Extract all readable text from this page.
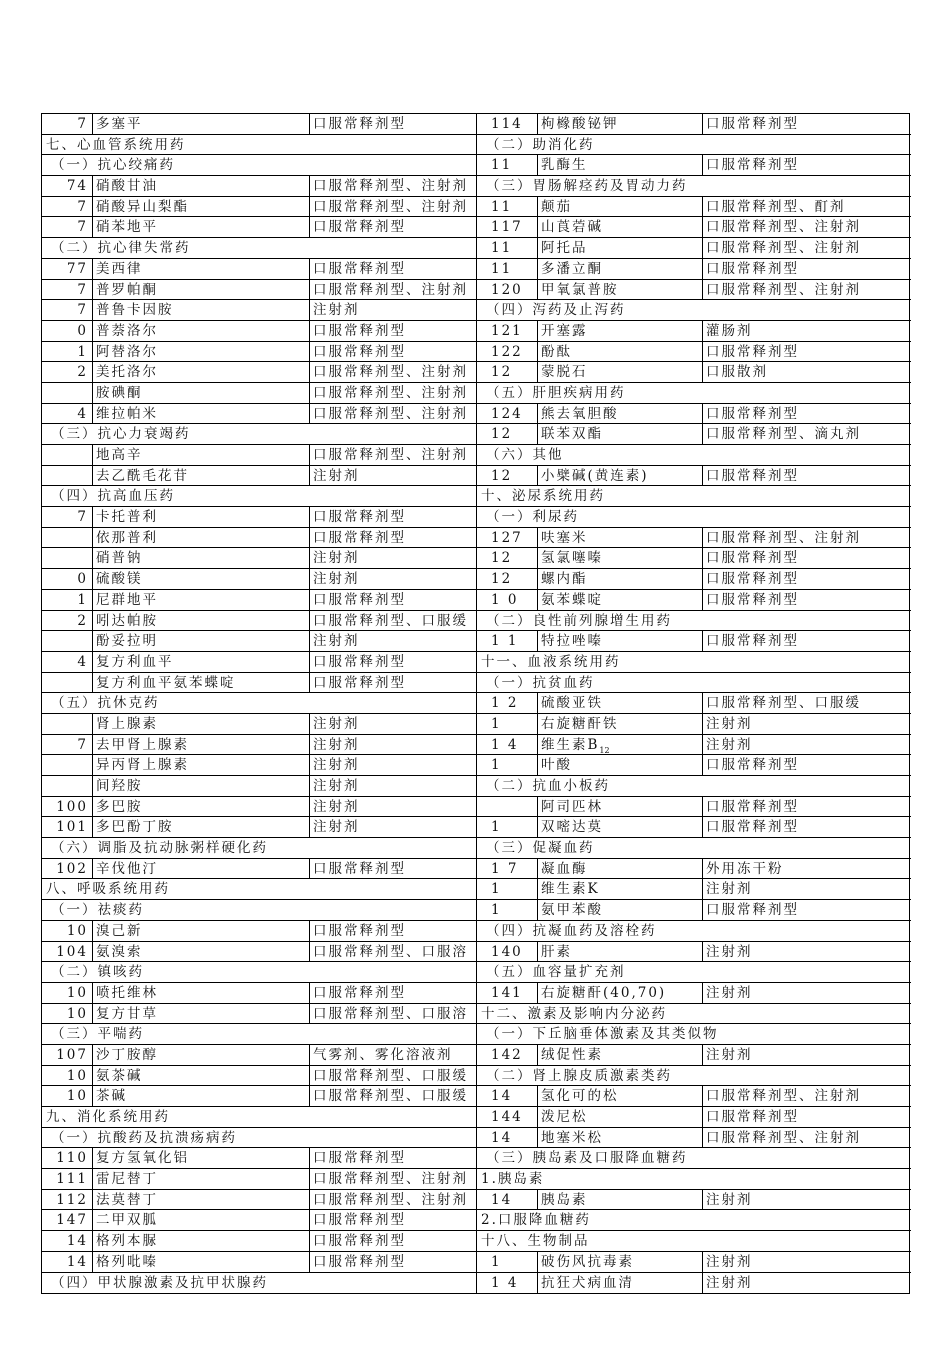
7 多塞平	口服常释剂型
七、心血管系统用药
（一）抗心绞痛药
74 硝酸甘油	口服常释剂型、注射剂
7 硝酸异山梨酯	口服常释剂型、注射剂
7 硝苯地平	口服常释剂型
（二）抗心律失常药
77 美西律	口服常释剂型
7 普罗帕酮	口服常释剂型、注射剂
7 普鲁卡因胺	注射剂
0 普萘洛尔	口服常释剂型
1 阿替洛尔	口服常释剂型
2 美托洛尔	口服常释剂型、注射剂
胺碘酮	口服常释剂型、注射剂
4 维拉帕米	口服常释剂型、注射剂
（三）抗心力衰竭药
地高辛	口服常释剂型、注射剂
去乙酰毛花苷	注射剂
（四）抗高血压药
7 卡托普利	口服常释剂型
依那普利	口服常释剂型
硝普钠	注射剂
0 硫酸镁	注射剂
1 尼群地平	口服常释剂型
2 吲达帕胺	口服常释剂型、口服缓
酚妥拉明	注射剂
4 复方利血平	口服常释剂型
复方利血平氨苯蝶啶	口服常释剂型
（五）抗休克药
肾上腺素	注射剂
7 去甲肾上腺素	注射剂
异丙肾上腺素	注射剂
间羟胺	注射剂
100 多巴胺	注射剂
101 多巴酚丁胺	注射剂
（六）调脂及抗动脉粥样硬化药
102 辛伐他汀	口服常释剂型
八、呼吸系统用药
（一）祛痰药
10 溴己新	口服常释剂型
104 氨溴索	口服常释剂型、口服溶
（二）镇咳药
10 喷托维林	口服常释剂型
10 复方甘草	口服常释剂型、口服溶
（三）平喘药
107 沙丁胺醇	气雾剂、雾化溶液剂
10 氨茶碱	口服常释剂型、口服缓
10 茶碱	口服常释剂型、口服缓
九、消化系统用药
（一）抗酸药及抗溃疡病药
110 复方氢氧化铝	口服常释剂型
111 雷尼替丁	口服常释剂型、注射剂
112 法莫替丁	口服常释剂型、注射剂
147 二甲双胍	口服常释剂型
14 格列本脲	口服常释剂型
14 格列吡嗪	口服常释剂型
（四）甲状腺激素及抗甲状腺药
114	枸橼酸铋钾	口服常释剂型
（二）助消化药
11	乳酶生	口服常释剂型
（三）胃肠解痉药及胃动力药
11	颠茄	口服常释剂型、酊剂
117	山莨菪碱	口服常释剂型、注射剂
11	阿托品	口服常释剂型、注射剂
11	多潘立酮	口服常释剂型
120	甲氧氯普胺	口服常释剂型、注射剂
（四）泻药及止泻药
121	开塞露	灌肠剂
122	酚酞	口服常释剂型
12	蒙脱石	口服散剂
（五）肝胆疾病用药
124	熊去氧胆酸	口服常释剂型
12	联苯双酯	口服常释剂型、滴丸剂
（六）其他
12	小檗碱(黄连素)	口服常释剂型
十、泌尿系统用药
（一）利尿药
127	呋塞米	口服常释剂型、注射剂
12	氢氯噻嗪	口服常释剂型
12	螺内酯	口服常释剂型
1 0	氨苯蝶啶	口服常释剂型
（二）良性前列腺增生用药
1 1	特拉唑嗪	口服常释剂型
十一、血液系统用药
（一）抗贫血药
1 2	硫酸亚铁	口服常释剂型、口服缓
1	右旋糖酐铁	注射剂
1 4	维生素$B_{12}$	注射剂
1	叶酸	口服常释剂型
（二）抗血小板药
阿司匹林	口服常释剂型
1	双嘧达莫	口服常释剂型
（三）促凝血药
1 7	凝血酶	外用冻干粉
1	维生素K	注射剂
1	氨甲苯酸	口服常释剂型
（四）抗凝血药及溶栓药
140	肝素	注射剂
（五）血容量扩充剂
141	右旋糖酐(40,70)	注射剂
十二、激素及影响内分泌药
（一）下丘脑垂体激素及其类似物
142	绒促性素	注射剂
（二）肾上腺皮质激素类药
14	氢化可的松	口服常释剂型、注射剂
144	泼尼松	口服常释剂型
14	地塞米松	口服常释剂型、注射剂
（三）胰岛素及口服降血糖药
1.胰岛素
14	胰岛素	注射剂
2.口服降血糖药
十八、生物制品
1	破伤风抗毒素	注射剂
1 4	抗狂犬病血清	注射剂
